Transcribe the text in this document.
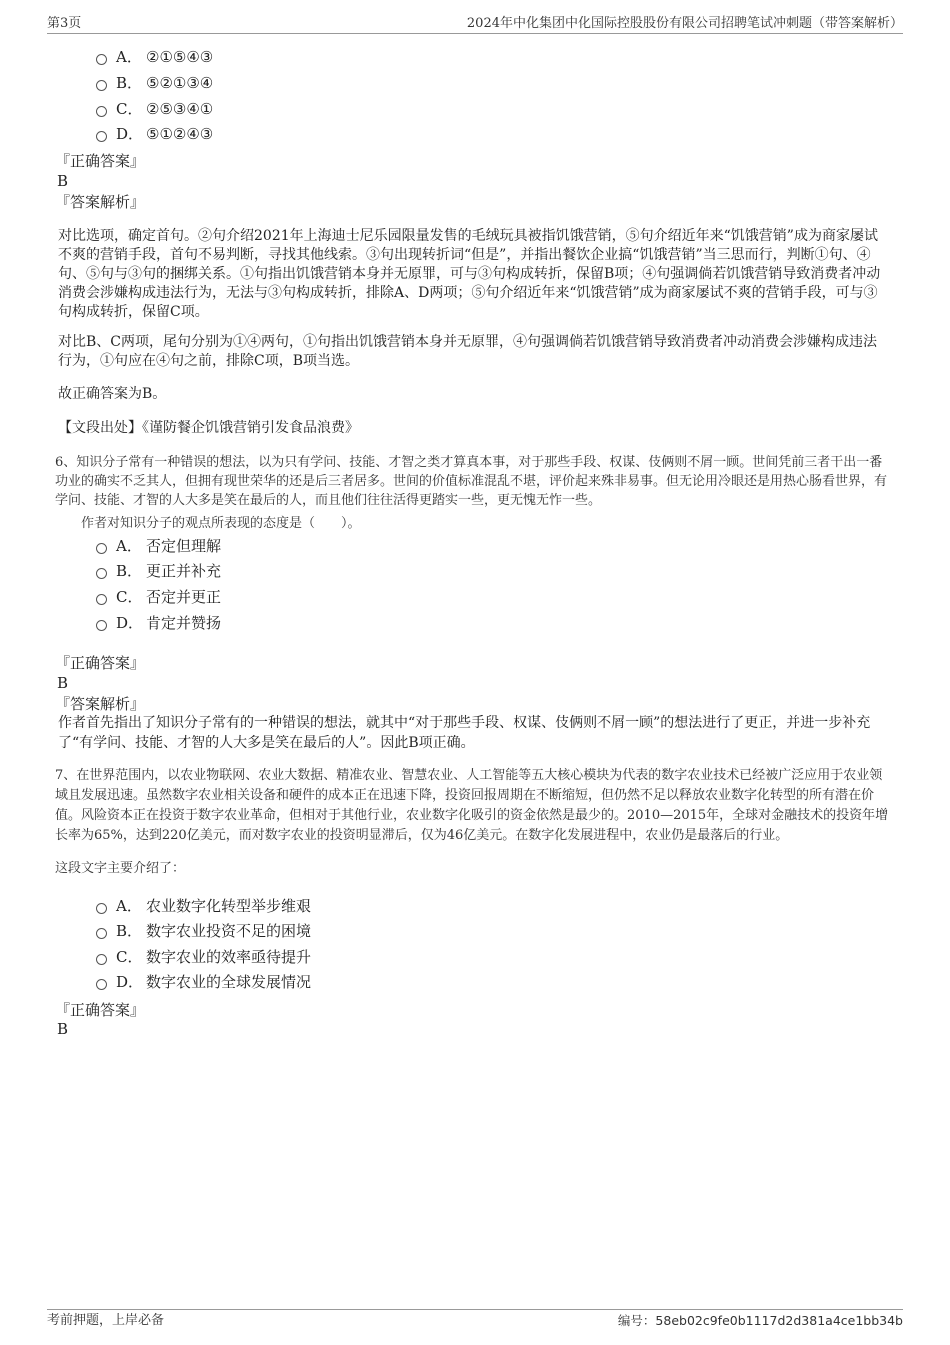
第3页	2024年中化集团中化国际控股股份有限公司招聘笔试冲刺题（带答案解析）
A． ②①⑤④③
B． ⑤②①③④
C． ②⑤③④①
D． ⑤①②④③
『正确答案』
B
『答案解析』
对比选项，确定首句。②句介绍2021年上海迪士尼乐园限量发售的毛绒玩具被指饥饿营销，⑤句介绍近年来“饥饿营销”成为商家屡试不爽的营销手段，首句不易判断，寻找其他线索。③句出现转折词“但是”，并指出餐饮企业搞“饥饿营销”当三思而行，判断①句、④句、⑤句与③句的捆绑关系。①句指出饥饿营销本身并无原罪，可与③句构成转折，保留B项；④句强调倘若饥饿营销导致消费者冲动消费会涉嫌构成违法行为，无法与③句构成转折，排除A、D两项；⑤句介绍近年来“饥饿营销”成为商家屡试不爽的营销手段，可与③句构成转折，保留C项。
对比B、C两项，尾句分别为①④两句，①句指出饥饿营销本身并无原罪，④句强调倘若饥饿营销导致消费者冲动消费会涉嫌构成违法行为，①句应在④句之前，排除C项，B项当选。
故正确答案为B。
【文段出处】《谨防餐企饥饿营销引发食品浪费》
6、知识分子常有一种错误的想法，以为只有学问、技能、才智之类才算真本事，对于那些手段、权谋、伎俩则不屑一顾。世间凭前三者干出一番功业的确实不乏其人，但拥有现世荣华的还是后三者居多。世间的价值标准混乱不堪，评价起来殊非易事。但无论用冷眼还是用热心肠看世界，有学问、技能、才智的人大多是笑在最后的人，而且他们往往活得更踏实一些，更无愧无怍一些。
作者对知识分子的观点所表现的态度是（　　）。
A． 否定但理解
B． 更正并补充
C． 否定并更正
D． 肯定并赞扬
『正确答案』
B
『答案解析』
作者首先指出了知识分子常有的一种错误的想法，就其中“对于那些手段、权谋、伎俩则不屑一顾”的想法进行了更正，并进一步补充了“有学问、技能、才智的人大多是笑在最后的人”。因此B项正确。
7、在世界范围内，以农业物联网、农业大数据、精准农业、智慧农业、人工智能等五大核心模块为代表的数字农业技术已经被广泛应用于农业领域且发展迅速。虽然数字农业相关设备和硬件的成本正在迅速下降，投资回报周期在不断缩短，但仍然不足以释放农业数字化转型的所有潜在价值。风险资本正在投资于数字农业革命，但相对于其他行业，农业数字化吸引的资金依然是最少的。2010—2015年，全球对金融技术的投资年增长率为65%，达到220亿美元，而对数字农业的投资明显滞后，仅为46亿美元。在数字化发展进程中，农业仍是最落后的行业。
这段文字主要介绍了：
A． 农业数字化转型举步维艰
B． 数字农业投资不足的困境
C． 数字农业的效率亟待提升
D． 数字农业的全球发展情况
『正确答案』
B
考前押题，上岸必备	编号：58eb02c9fe0b1117d2d381a4ce1bb34b
